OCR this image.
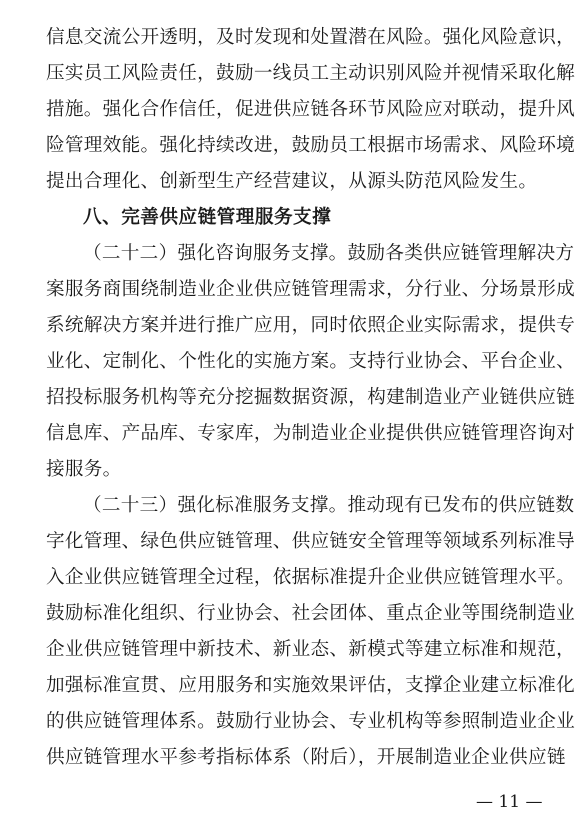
信息交流公开透明，及时发现和处置潜在风险。强化风险意识，
压实员工风险责任，鼓励一线员工主动识别风险并视情采取化解
措施。强化合作信任，促进供应链各环节风险应对联动，提升风
险管理效能。强化持续改进，鼓励员工根据市场需求、风险环境
提出合理化、创新型生产经营建议，从源头防范风险发生。
八、完善供应链管理服务支撑
（二十二）强化咨询服务支撑。鼓励各类供应链管理解决方
案服务商围绕制造业企业供应链管理需求，分行业、分场景形成
系统解决方案并进行推广应用，同时依照企业实际需求，提供专
业化、定制化、个性化的实施方案。支持行业协会、平台企业、
招投标服务机构等充分挖掘数据资源，构建制造业产业链供应链
信息库、产品库、专家库，为制造业企业提供供应链管理咨询对
接服务。
（二十三）强化标准服务支撑。推动现有已发布的供应链数
字化管理、绿色供应链管理、供应链安全管理等领域系列标准导
入企业供应链管理全过程，依据标准提升企业供应链管理水平。
鼓励标准化组织、行业协会、社会团体、重点企业等围绕制造业
企业供应链管理中新技术、新业态、新模式等建立标准和规范，
加强标准宣贯、应用服务和实施效果评估，支撑企业建立标准化
的供应链管理体系。鼓励行业协会、专业机构等参照制造业企业
供应链管理水平参考指标体系（附后），开展制造业企业供应链
— 11 —
